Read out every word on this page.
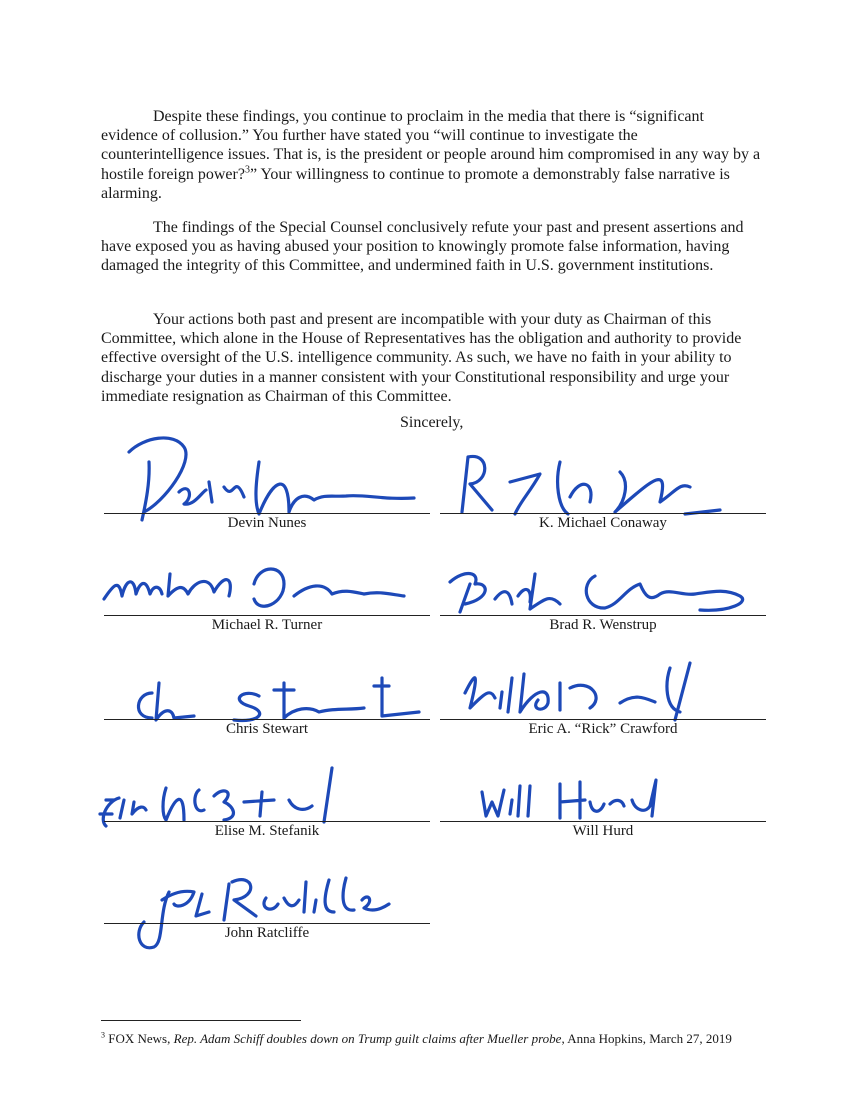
Despite these findings, you continue to proclaim in the media that there is “significant evidence of collusion.” You further have stated you “will continue to investigate the counterintelligence issues. That is, is the president or people around him compromised in any way by a hostile foreign power?$^3$” Your willingness to continue to promote a demonstrably false narrative is alarming.

The findings of the Special Counsel conclusively refute your past and present assertions and have exposed you as having abused your position to knowingly promote false information, having damaged the integrity of this Committee, and undermined faith in U.S. government institutions.

Your actions both past and present are incompatible with your duty as Chairman of this Committee, which alone in the House of Representatives has the obligation and authority to provide effective oversight of the U.S. intelligence community. As such, we have no faith in your ability to discharge your duties in a manner consistent with your Constitutional responsibility and urge your immediate resignation as Chairman of this Committee.

Sincerely,

Devin Nunes	K. Michael Conaway
Michael R. Turner	Brad R. Wenstrup
Chris Stewart	Eric A. “Rick” Crawford
Elise M. Stefanik	Will Hurd
John Ratcliffe

$^3$ FOX News, Rep. Adam Schiff doubles down on Trump guilt claims after Mueller probe, Anna Hopkins, March 27, 2019
